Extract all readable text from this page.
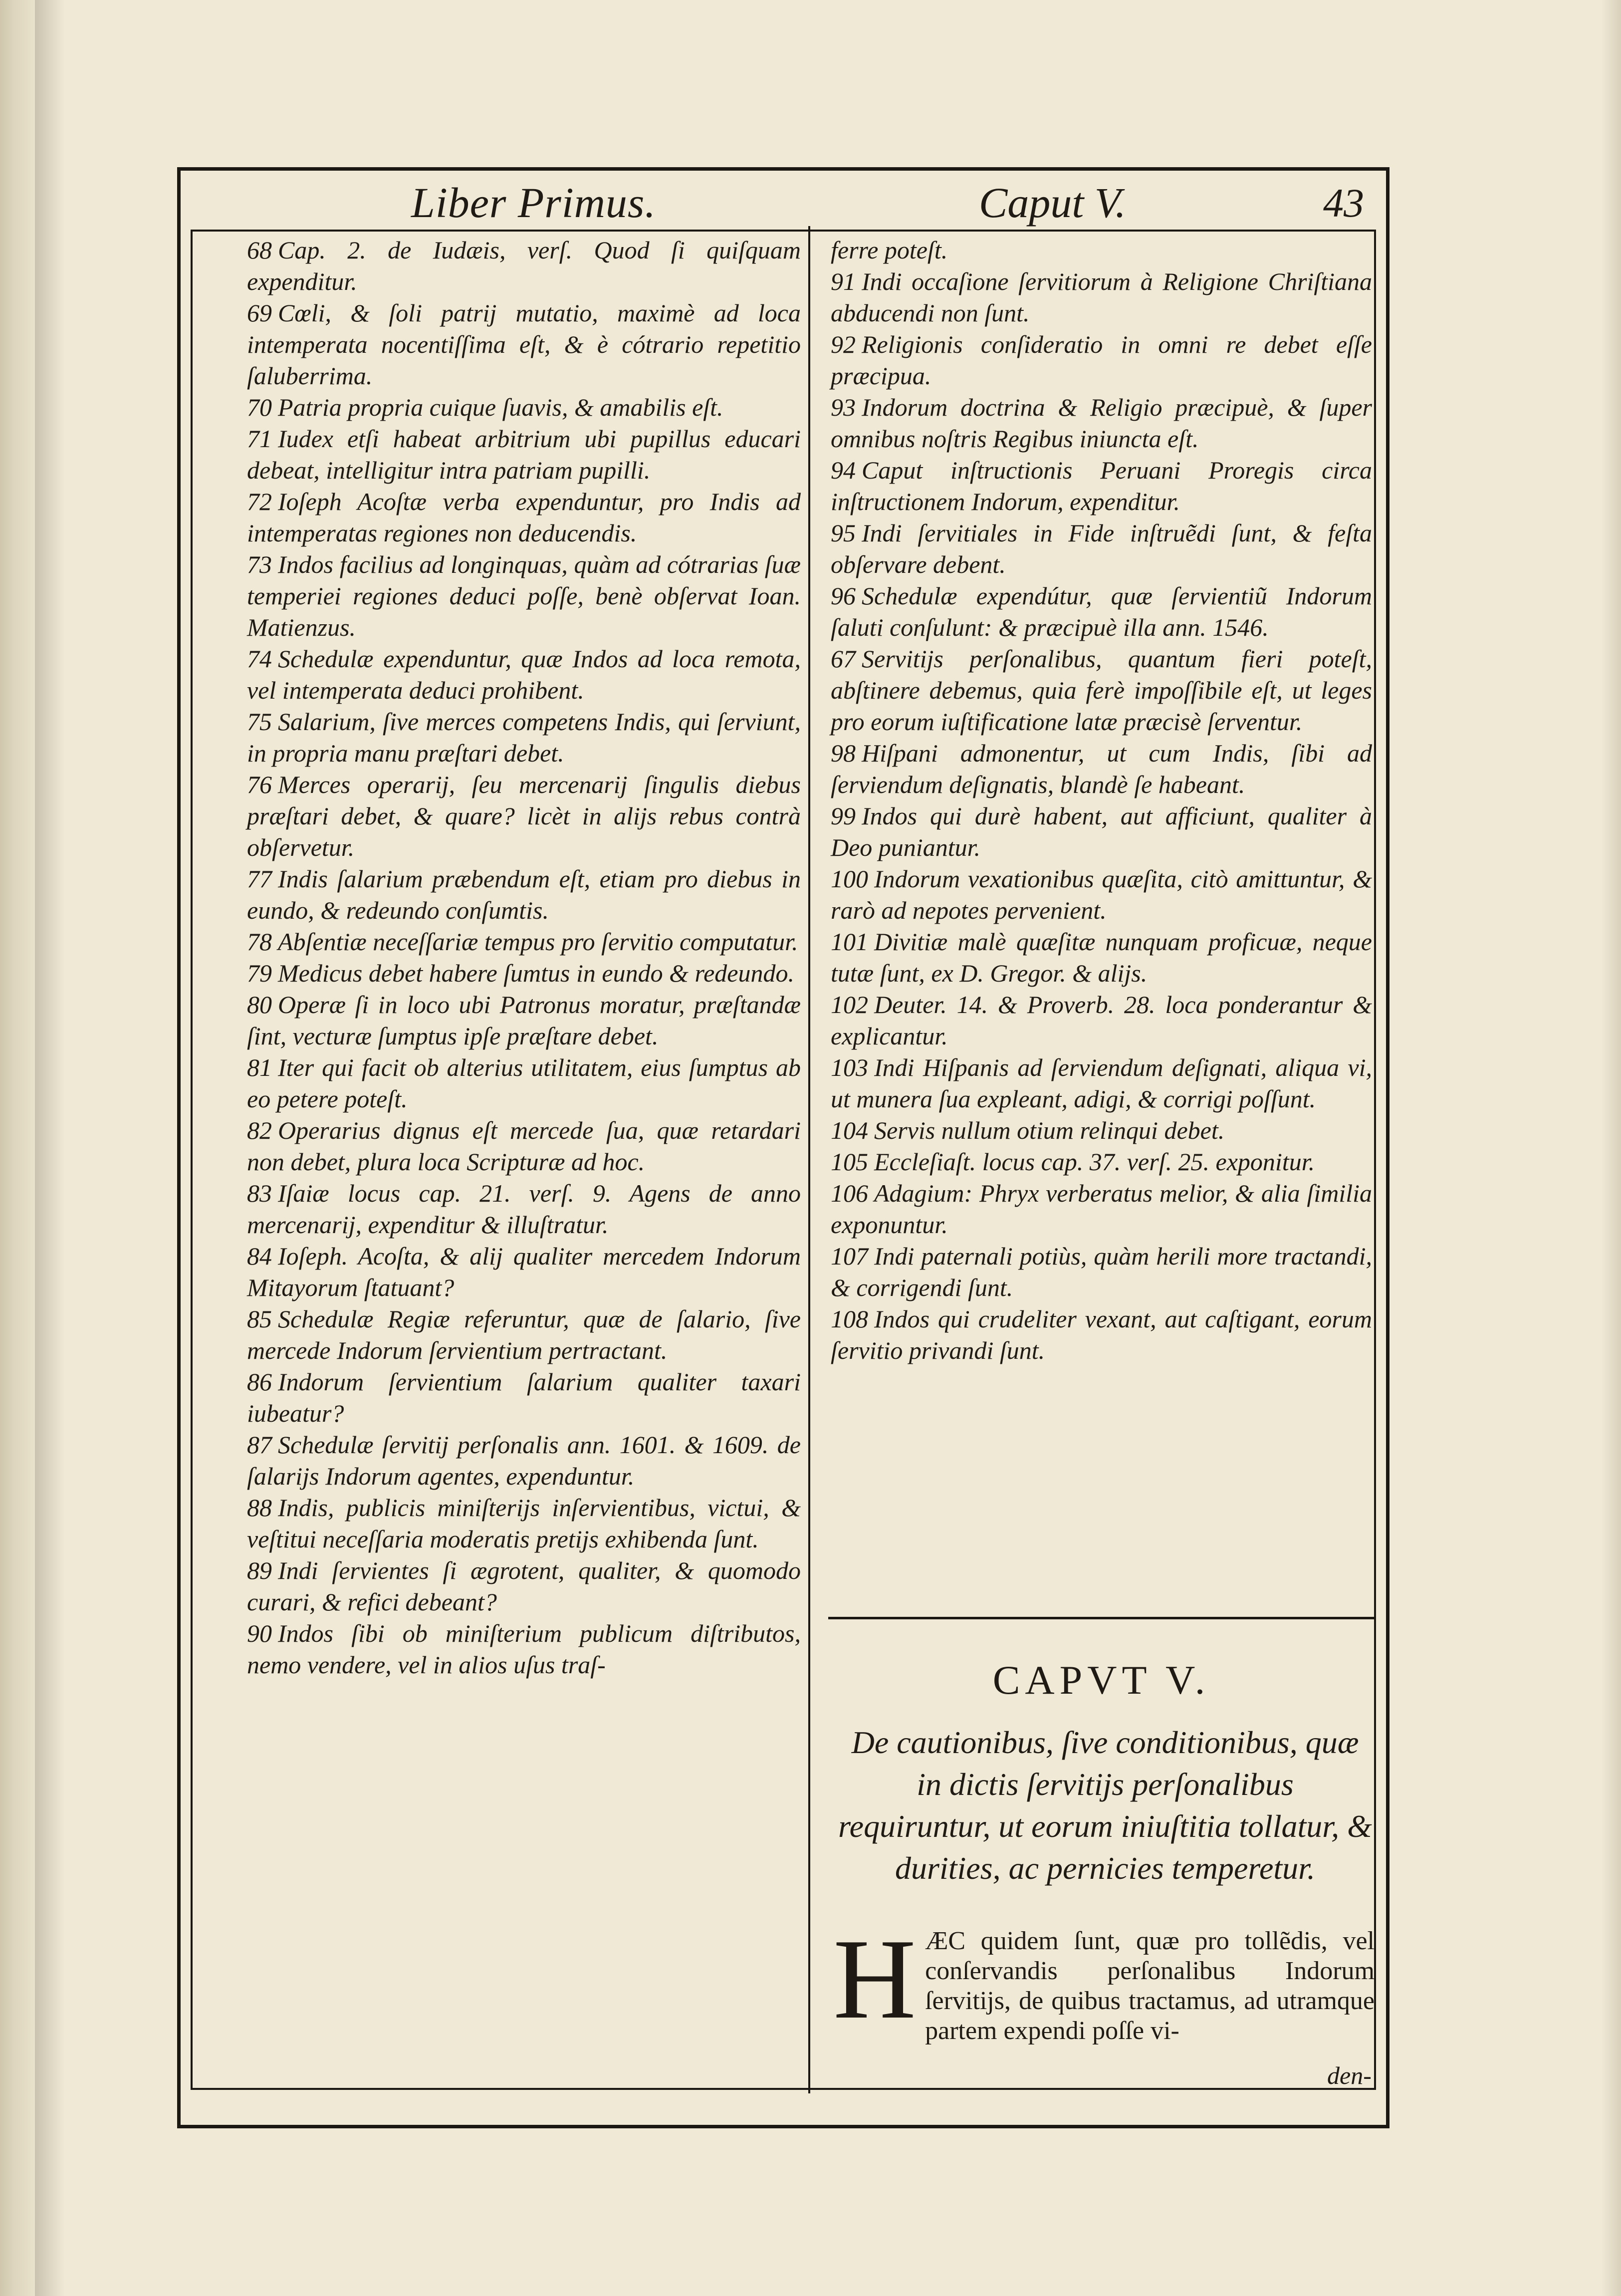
Liber Primus.	Caput V.	43

68 Cap. 2. de Iudæis, verſ. Quod ſi quiſquam expenditur.

69 Cœli, & ſoli patrij mutatio, maximè ad loca intemperata nocentiſſima eſt, & è cótrario repetitio ſaluberrima.

70 Patria propria cuique ſuavis, & amabilis eſt.

71 Iudex etſi habeat arbitrium ubi pupillus educari debeat, intelligitur intra patriam pupilli.

72 Ioſeph Acoſtæ verba expenduntur, pro Indis ad intemperatas regiones non deducendis.

73 Indos facilius ad longinquas, quàm ad cótrarias ſuæ temperiei regiones deduci poſſe, benè obſervat Ioan. Matienzus.

74 Schedulæ expenduntur, quæ Indos ad loca remota, vel intemperata deduci prohibent.

75 Salarium, ſive merces competens Indis, qui ſerviunt, in propria manu præſtari debet.

76 Merces operarij, ſeu mercenarij ſingulis diebus præſtari debet, & quare? licèt in alijs rebus contrà obſervetur.

77 Indis ſalarium præbendum eſt, etiam pro diebus in eundo, & redeundo conſumtis.

78 Abſentiæ neceſſariæ tempus pro ſervitio computatur.

79 Medicus debet habere ſumtus in eundo & redeundo.

80 Operæ ſi in loco ubi Patronus moratur, præſtandæ ſint, vecturæ ſumptus ipſe præſtare debet.

81 Iter qui facit ob alterius utilitatem, eius ſumptus ab eo petere poteſt.

82 Operarius dignus eſt mercede ſua, quæ retardari non debet, plura loca Scripturæ ad hoc.

83 Iſaiæ locus cap. 21. verſ. 9. Agens de anno mercenarij, expenditur & illuſtratur.

84 Ioſeph. Acoſta, & alij qualiter mercedem Indorum Mitayorum ſtatuant?

85 Schedulæ Regiæ referuntur, quæ de ſalario, ſive mercede Indorum ſervientium pertractant.

86 Indorum ſervientium ſalarium qualiter taxari iubeatur?

87 Schedulæ ſervitij perſonalis ann. 1601. & 1609. de ſalarijs Indorum agentes, expenduntur.

88 Indis, publicis miniſterijs inſervientibus, victui, & veſtitui neceſſaria moderatis pretijs exhibenda ſunt.

89 Indi ſervientes ſi ægrotent, qualiter, & quomodo curari, & refici debeant?

90 Indos ſibi ob miniſterium publicum diſtributos, nemo vendere, vel in alios uſus traſ-

ferre poteſt.

91 Indi occaſione ſervitiorum à Religione Chriſtiana abducendi non ſunt.

92 Religionis conſideratio in omni re debet eſſe præcipua.

93 Indorum doctrina & Religio præcipuè, & ſuper omnibus noſtris Regibus iniuncta eſt.

94 Caput inſtructionis Peruani Proregis circa inſtructionem Indorum, expenditur.

95 Indi ſervitiales in Fide inſtruẽdi ſunt, & feſta obſervare debent.

96 Schedulæ expendútur, quæ ſervientiũ Indorum ſaluti conſulunt: & præcipuè illa ann. 1546.

67 Servitijs perſonalibus, quantum fieri poteſt, abſtinere debemus, quia ferè impoſſibile eſt, ut leges pro eorum iuſtificatione latæ præcisè ſerventur.

98 Hiſpani admonentur, ut cum Indis, ſibi ad ſerviendum deſignatis, blandè ſe habeant.

99 Indos qui durè habent, aut afficiunt, qualiter à Deo puniantur.

100 Indorum vexationibus quæſita, citò amittuntur, & rarò ad nepotes pervenient.

101 Divitiæ malè quæſitæ nunquam proficuæ, neque tutæ ſunt, ex D. Gregor. & alijs.

102 Deuter. 14. & Proverb. 28. loca ponderantur & explicantur.

103 Indi Hiſpanis ad ſerviendum deſignati, aliqua vi, ut munera ſua expleant, adigi, & corrigi poſſunt.

104 Servis nullum otium relinqui debet.

105 Eccleſiaſt. locus cap. 37. verſ. 25. exponitur.

106 Adagium: Phryx verberatus melior, & alia ſimilia exponuntur.

107 Indi paternali potiùs, quàm herili more tractandi, & corrigendi ſunt.

108 Indos qui crudeliter vexant, aut caſtigant, eorum ſervitio privandi ſunt.

CAPVT V.
De cautionibus, ſive conditionibus, quæ in dictis ſervitijs perſonalibus requiruntur, ut eorum iniuſtitia tollatur, & durities, ac pernicies temperetur.
H ÆC quidem ſunt, quæ pro tollẽdis, vel conſervandis perſonalibus Indorum ſervitijs, de quibus tractamus, ad utramque partem expendi poſſe vi-
den-
